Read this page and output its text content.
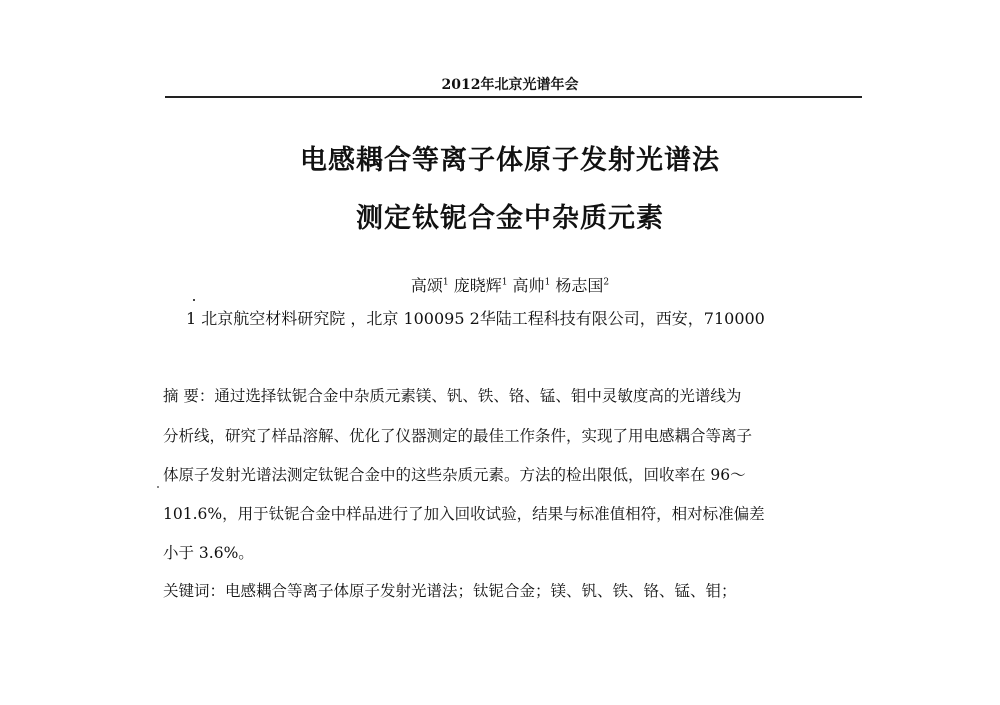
2012年北京光谱年会
电感耦合等离子体原子发射光谱法
测定钛铌合金中杂质元素
高颂$^1$ 庞晓辉$^1$ 高帅$^1$ 杨志国$^2$
1 北京航空材料研究院 ，北京 100095 2华陆工程科技有限公司，西安，710000
摘 要：通过选择钛铌合金中杂质元素镁、钒、铁、铬、锰、钼中灵敏度高的光谱线为
分析线，研究了样品溶解、优化了仪器测定的最佳工作条件，实现了用电感耦合等离子
体原子发射光谱法测定钛铌合金中的这些杂质元素。方法的检出限低，回收率在 96～
101.6%，用于钛铌合金中样品进行了加入回收试验，结果与标准值相符，相对标准偏差
小于 3.6%。
关键词：电感耦合等离子体原子发射光谱法；钛铌合金；镁、钒、铁、铬、锰、钼；
